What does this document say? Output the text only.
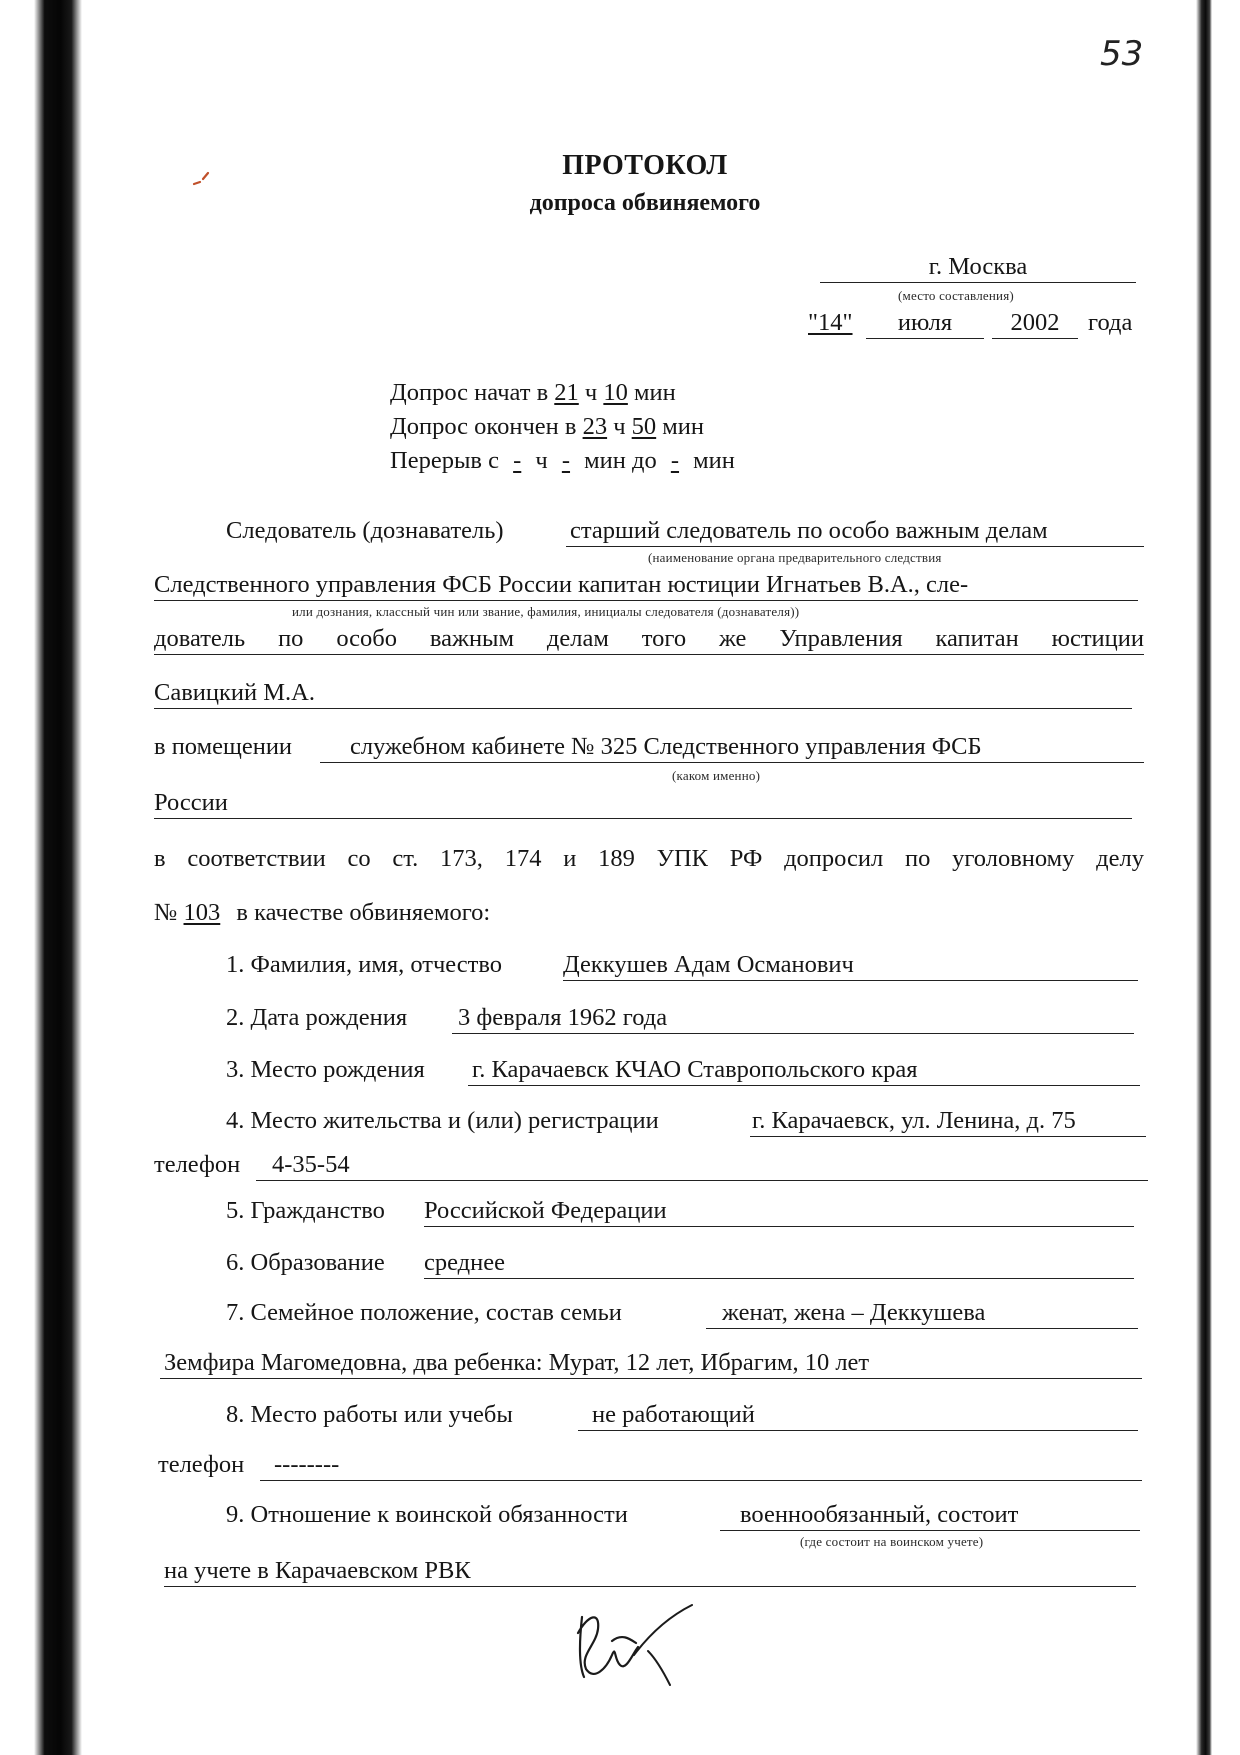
53
ПРОТОКОЛ
допроса обвиняемого
г. Москва
(место составления)
"14"	июля	2002	года
Допрос начат в 21 ч 10 мин
Допрос окончен в 23 ч 50 мин
Перерыв с - ч - мин до - мин
Следователь (дознаватель)	старший следователь по особо важным делам
(наименование органа предварительного следствия
Следственного управления ФСБ России капитан юстиции Игнатьев В.А., сле-
или дознания, классный чин или звание, фамилия, инициалы следователя (дознавателя))
дователь по особо важным делам того же Управления капитан юстиции
Савицкий М.А.
в помещении	служебном кабинете № 325 Следственного управления ФСБ
(каком именно)
России
в соответствии со ст. 173, 174 и 189 УПК РФ допросил по уголовному делу
№ 103 в качестве обвиняемого:
1. Фамилия, имя, отчество Деккушев Адам Османович
2. Дата рождения 3 февраля 1962 года
3. Место рождения г. Карачаевск КЧАО Ставропольского края
4. Место жительства и (или) регистрации	г. Карачаевск, ул. Ленина, д. 75
телефон	4-35-54
5. Гражданство Российской Федерации
6. Образование среднее
7. Семейное положение, состав семьи	женат, жена – Деккушева
Земфира Магомедовна, два ребенка: Мурат, 12 лет, Ибрагим, 10 лет
8. Место работы или учебы	не работающий
телефон	--------
9. Отношение к воинской обязанности	военнообязанный, состоит
(где состоит на воинском учете)
на учете в Карачаевском РВК
